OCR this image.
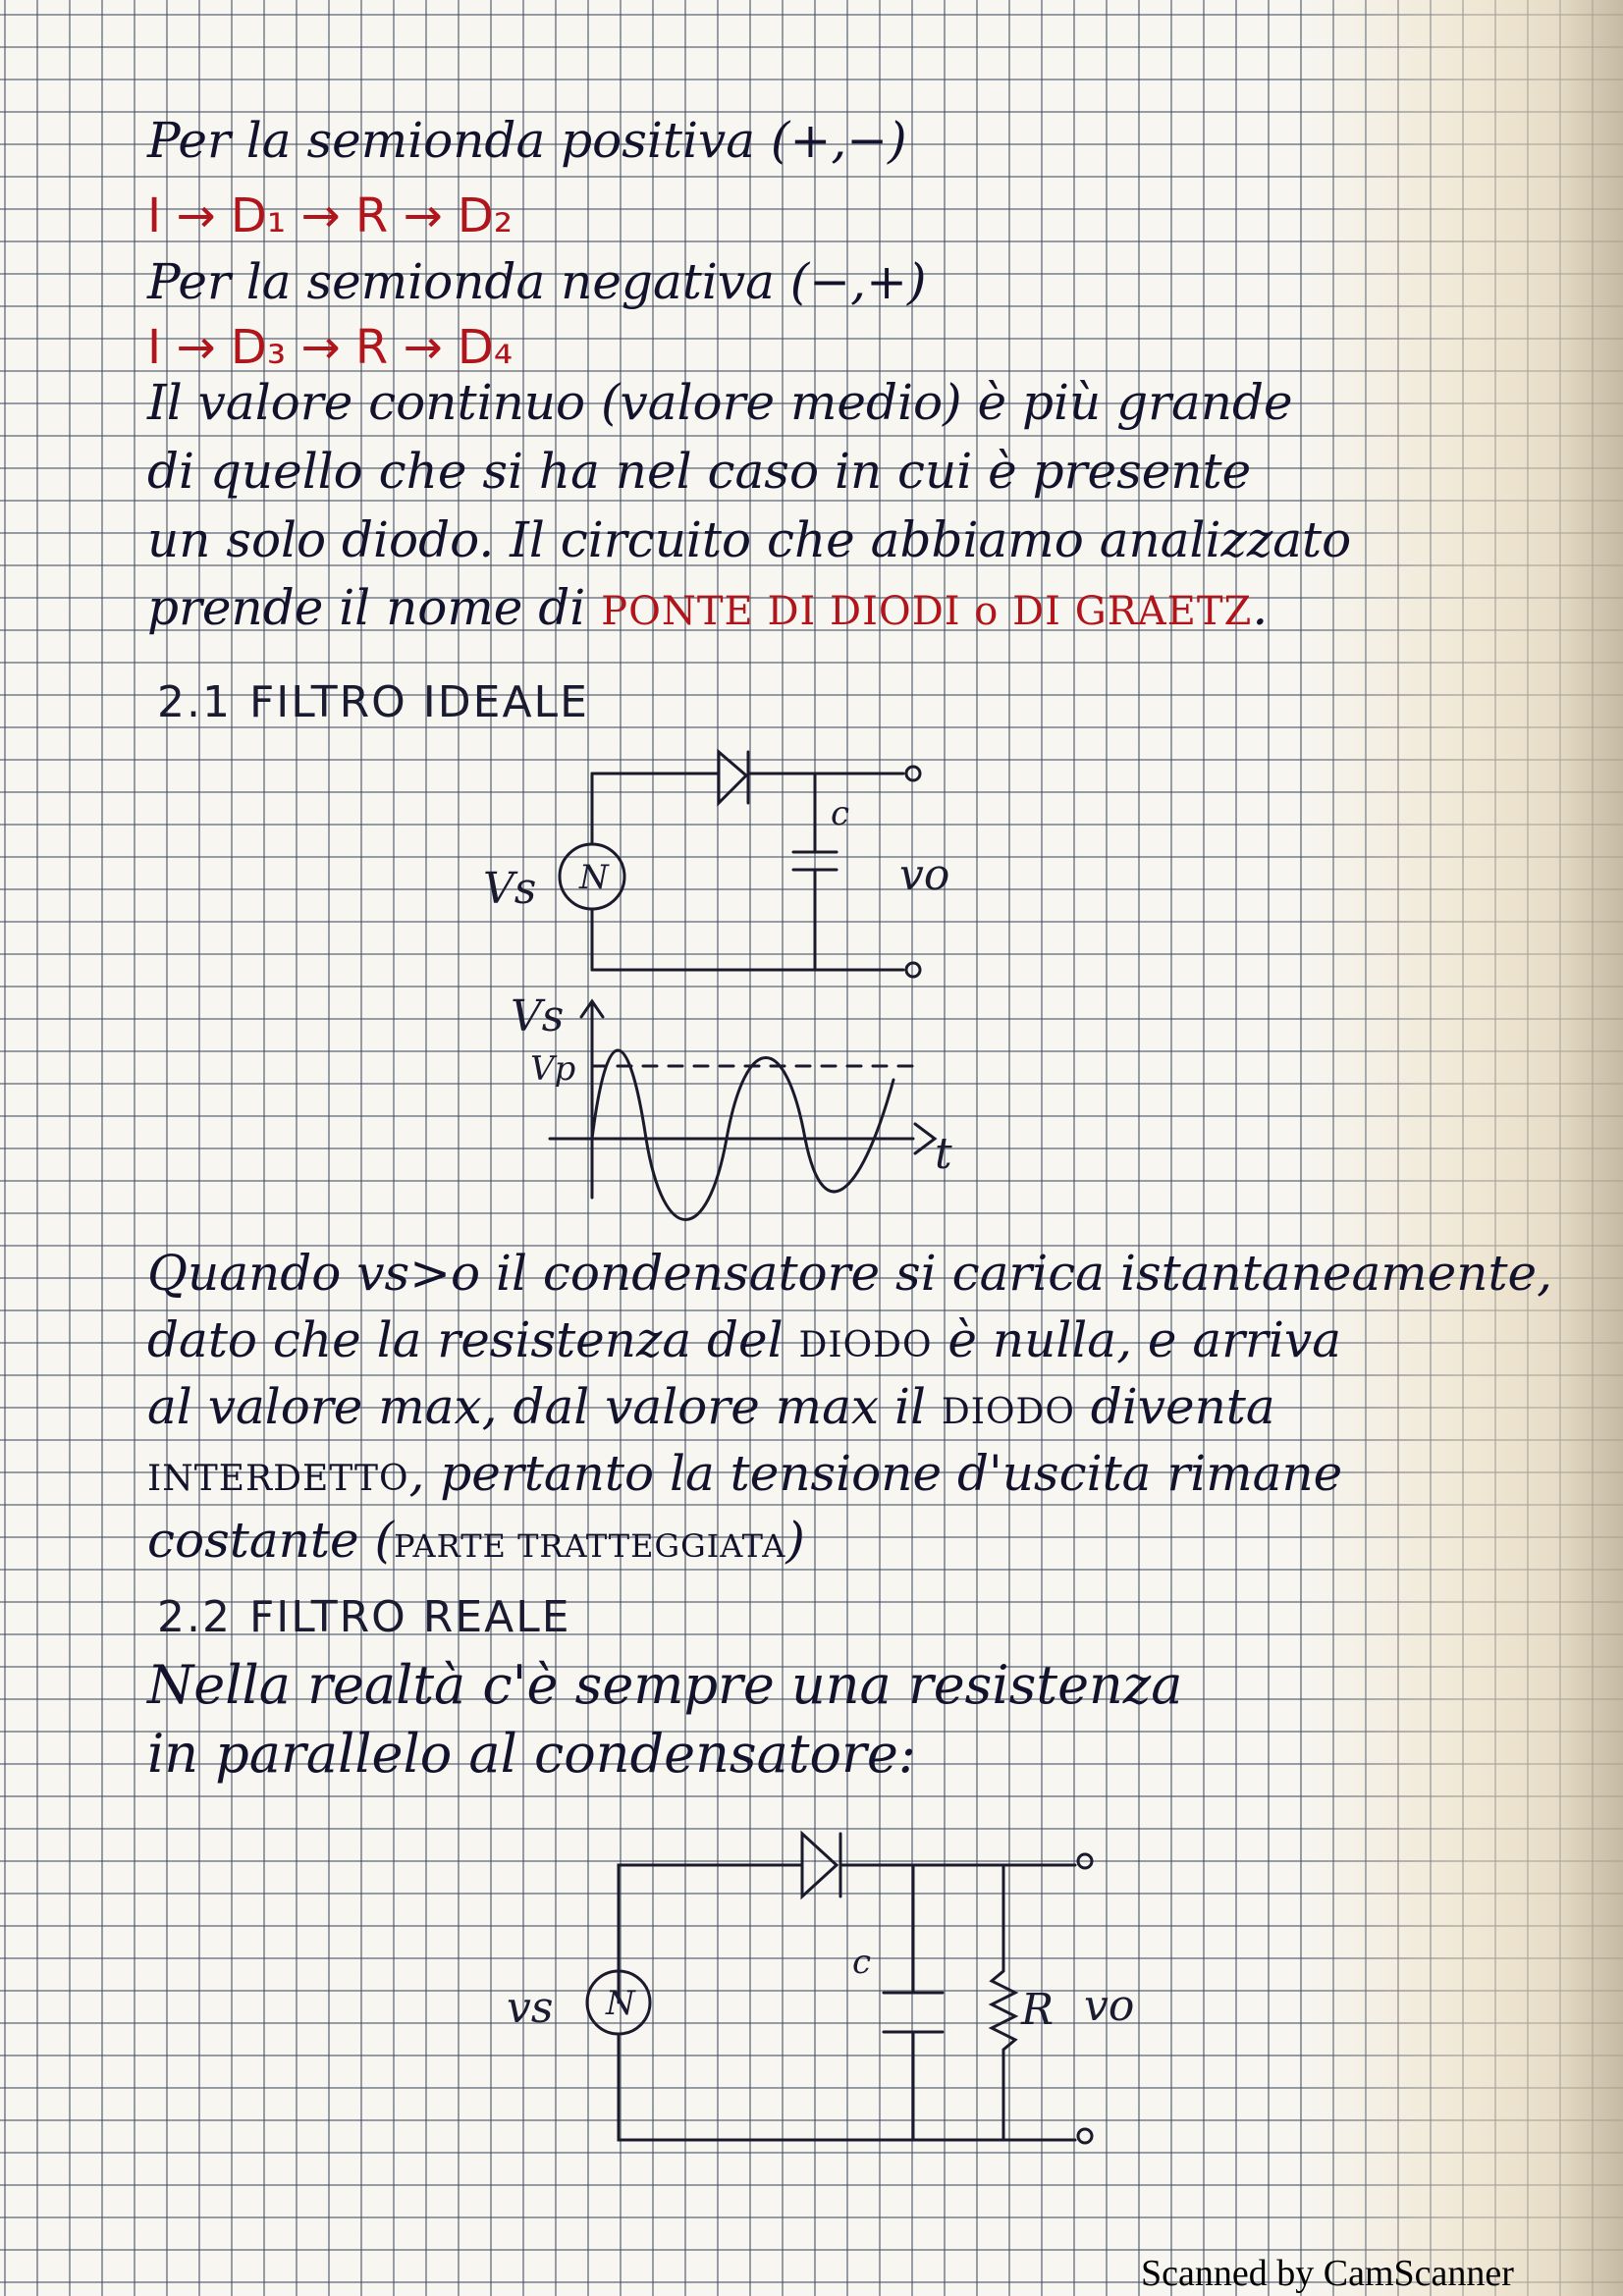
Per la semionda positiva (+,−)

I → D₁ → R → D₂

Per la semionda negativa (−,+)

I → D₃ → R → D₄

Il valore continuo (valore medio) è più grande

di quello che si ha nel caso in cui è presente

un solo diodo. Il circuito che abbiamo analizzato

prende il nome di PONTE DI DIODI o DI GRAETZ.

2.1 FILTRO IDEALE

N
Vs
c
vo
Vs
Vp
t
N
vs
c
R vo

Quando vs>o il condensatore si carica istantaneamente,

dato che la resistenza del DIODO è nulla, e arriva

al valore max, dal valore max il DIODO diventa

INTERDETTO, pertanto la tensione d'uscita rimane

costante (PARTE TRATTEGGIATA)

2.2 FILTRO REALE

Nella realtà c'è sempre una resistenza

in parallelo al condensatore:

Scanned by CamScanner
